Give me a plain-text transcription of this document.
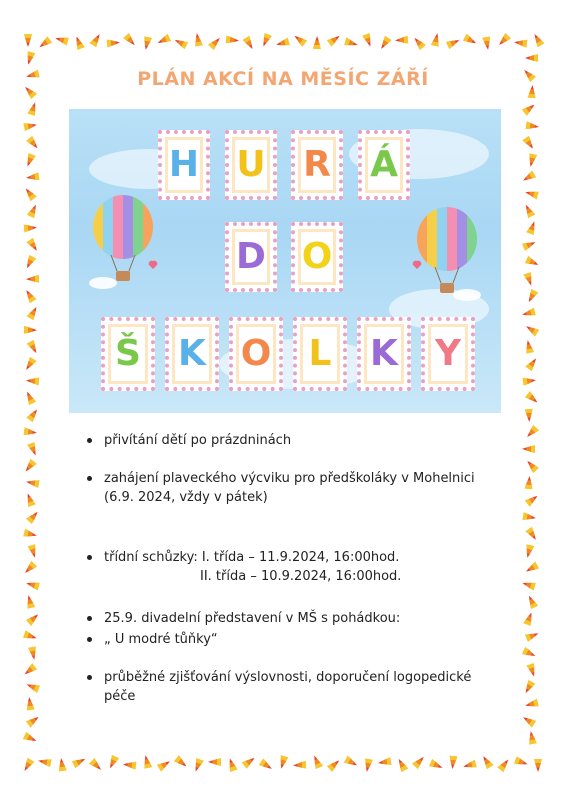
PLÁN AKCÍ NA MĚSÍC ZÁŘÍ
H U R Á
D O
Š K O L K Y
přivítání dětí po prázdninách
zahájení plaveckého výcviku pro předškoláky v Mohelnici (6.9. 2024, vždy v pátek)
třídní schůzky: I. třída – 11.9.2024, 16:00hod.
II. třída – 10.9.2024, 16:00hod.
25.9. divadelní představení v MŠ s pohádkou:
„ U modré tůňky“
průběžné zjišťování výslovnosti, doporučení logopedické péče
